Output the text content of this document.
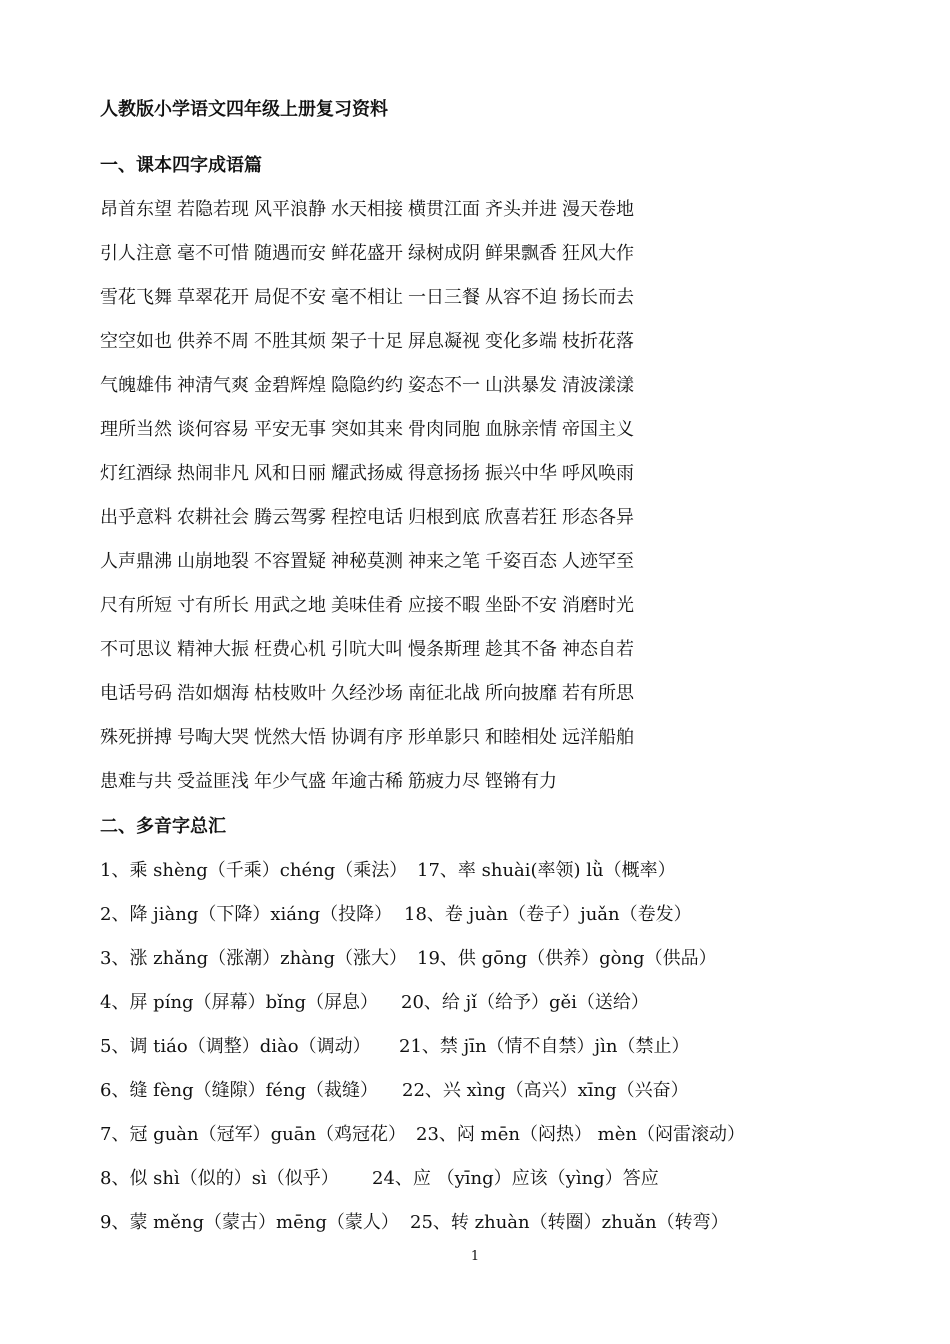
人教版小学语文四年级上册复习资料
一、课本四字成语篇
昂首东望 若隐若现 风平浪静 水天相接 横贯江面 齐头并进 漫天卷地
引人注意 毫不可惜 随遇而安 鲜花盛开 绿树成阴 鲜果飘香 狂风大作
雪花飞舞 草翠花开 局促不安 毫不相让 一日三餐 从容不迫 扬长而去
空空如也 供养不周 不胜其烦 架子十足 屏息凝视 变化多端 枝折花落
气魄雄伟 神清气爽 金碧辉煌 隐隐约约 姿态不一 山洪暴发 清波漾漾
理所当然 谈何容易 平安无事 突如其来 骨肉同胞 血脉亲情 帝国主义
灯红酒绿 热闹非凡 风和日丽 耀武扬威 得意扬扬 振兴中华 呼风唤雨
出乎意料 农耕社会 腾云驾雾 程控电话 归根到底 欣喜若狂 形态各异
人声鼎沸 山崩地裂 不容置疑 神秘莫测 神来之笔 千姿百态 人迹罕至
尺有所短 寸有所长 用武之地 美味佳肴 应接不暇 坐卧不安 消磨时光
不可思议 精神大振 枉费心机 引吭大叫 慢条斯理 趁其不备 神态自若
电话号码 浩如烟海 枯枝败叶 久经沙场 南征北战 所向披靡 若有所思
殊死拼搏 号啕大哭 恍然大悟 协调有序 形单影只 和睦相处 远洋船舶
患难与共 受益匪浅 年少气盛 年逾古稀 筋疲力尽 铿锵有力
二、多音字总汇
1、乘 shèng（千乘）chéng（乘法） 17、率 shuài(率领) lǜ（概率）
2、降 jiàng（下降）xiáng（投降） 18、卷 juàn（卷子）juǎn（卷发）
3、涨 zhǎng（涨潮）zhàng（涨大） 19、供 gōng（供养）gòng（供品）
4、屏 píng（屏幕）bǐng（屏息） 20、给 jǐ（给予）gěi（送给）
5、调 tiáo（调整）diào（调动） 21、禁 jīn（情不自禁）jìn（禁止）
6、缝 fèng（缝隙）féng（裁缝） 22、兴 xìng（高兴）xīng（兴奋）
7、冠 guàn（冠军）guān（鸡冠花） 23、闷 mēn（闷热） mèn（闷雷滚动）
8、似 shì（似的）sì（似乎） 24、应 （yīng）应该（yìng）答应
9、蒙 měng（蒙古）mēng（蒙人） 25、转 zhuàn（转圈）zhuǎn（转弯）
1
